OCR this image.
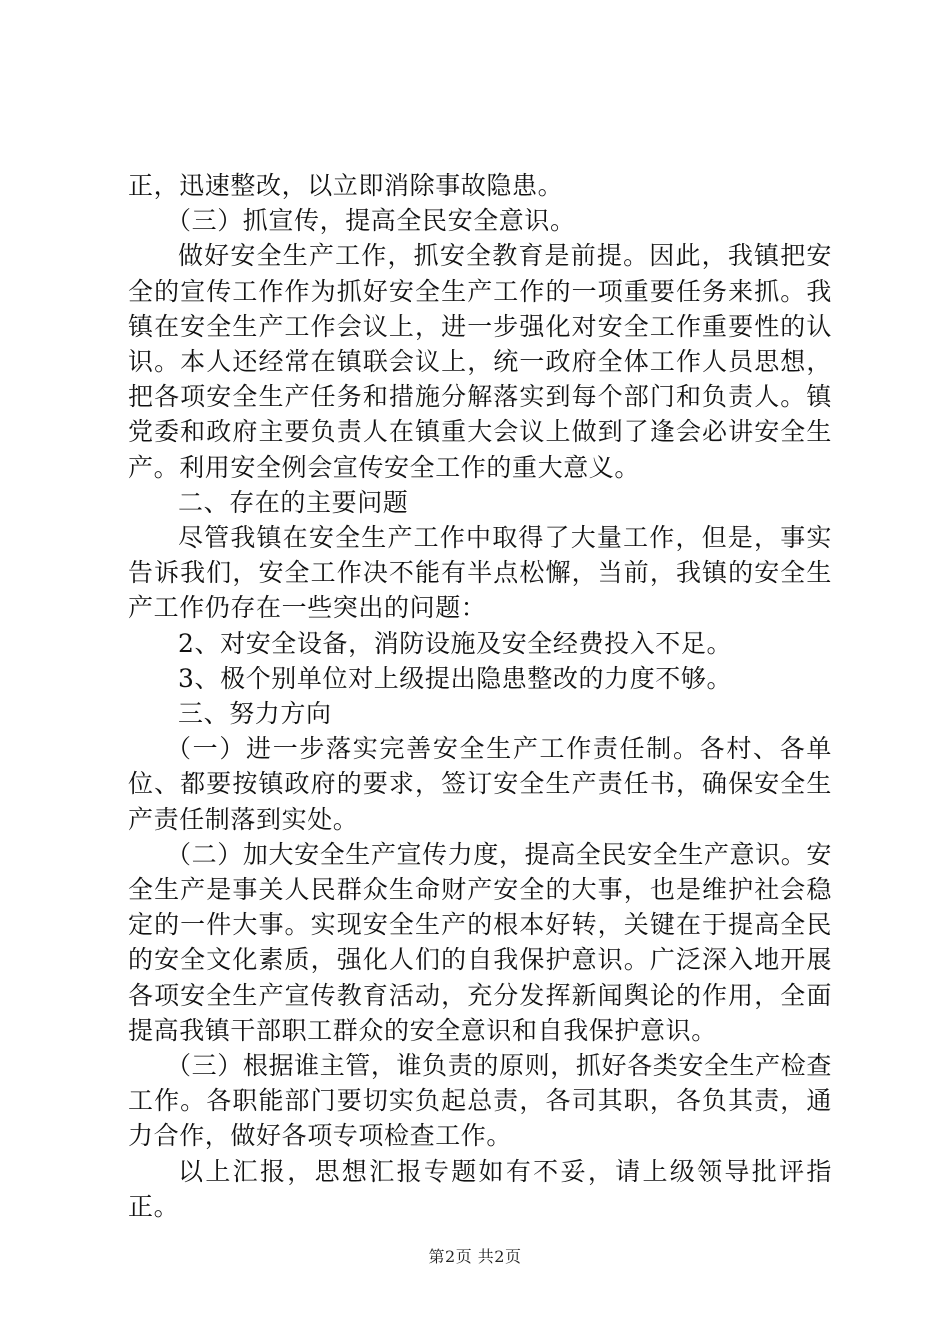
正，迅速整改，以立即消除事故隐患。

（三）抓宣传，提高全民安全意识。

做好安全生产工作，抓安全教育是前提。因此，我镇把安全的宣传工作作为抓好安全生产工作的一项重要任务来抓。我镇在安全生产工作会议上，进一步强化对安全工作重要性的认识。本人还经常在镇联会议上，统一政府全体工作人员思想，把各项安全生产任务和措施分解落实到每个部门和负责人。镇党委和政府主要负责人在镇重大会议上做到了逢会必讲安全生产。利用安全例会宣传安全工作的重大意义。

二、存在的主要问题

尽管我镇在安全生产工作中取得了大量工作，但是，事实告诉我们，安全工作决不能有半点松懈，当前，我镇的安全生产工作仍存在一些突出的问题：

2、对安全设备，消防设施及安全经费投入不足。

3、极个别单位对上级提出隐患整改的力度不够。

三、努力方向

（一）进一步落实完善安全生产工作责任制。各村、各单位、都要按镇政府的要求，签订安全生产责任书，确保安全生产责任制落到实处。

（二）加大安全生产宣传力度，提高全民安全生产意识。安全生产是事关人民群众生命财产安全的大事，也是维护社会稳定的一件大事。实现安全生产的根本好转，关键在于提高全民的安全文化素质，强化人们的自我保护意识。广泛深入地开展各项安全生产宣传教育活动，充分发挥新闻舆论的作用，全面提高我镇干部职工群众的安全意识和自我保护意识。

（三）根据谁主管，谁负责的原则，抓好各类安全生产检查工作。各职能部门要切实负起总责，各司其职，各负其责，通力合作，做好各项专项检查工作。

以上汇报，思想汇报专题如有不妥，请上级领导批评指正。

第2页 共2页
